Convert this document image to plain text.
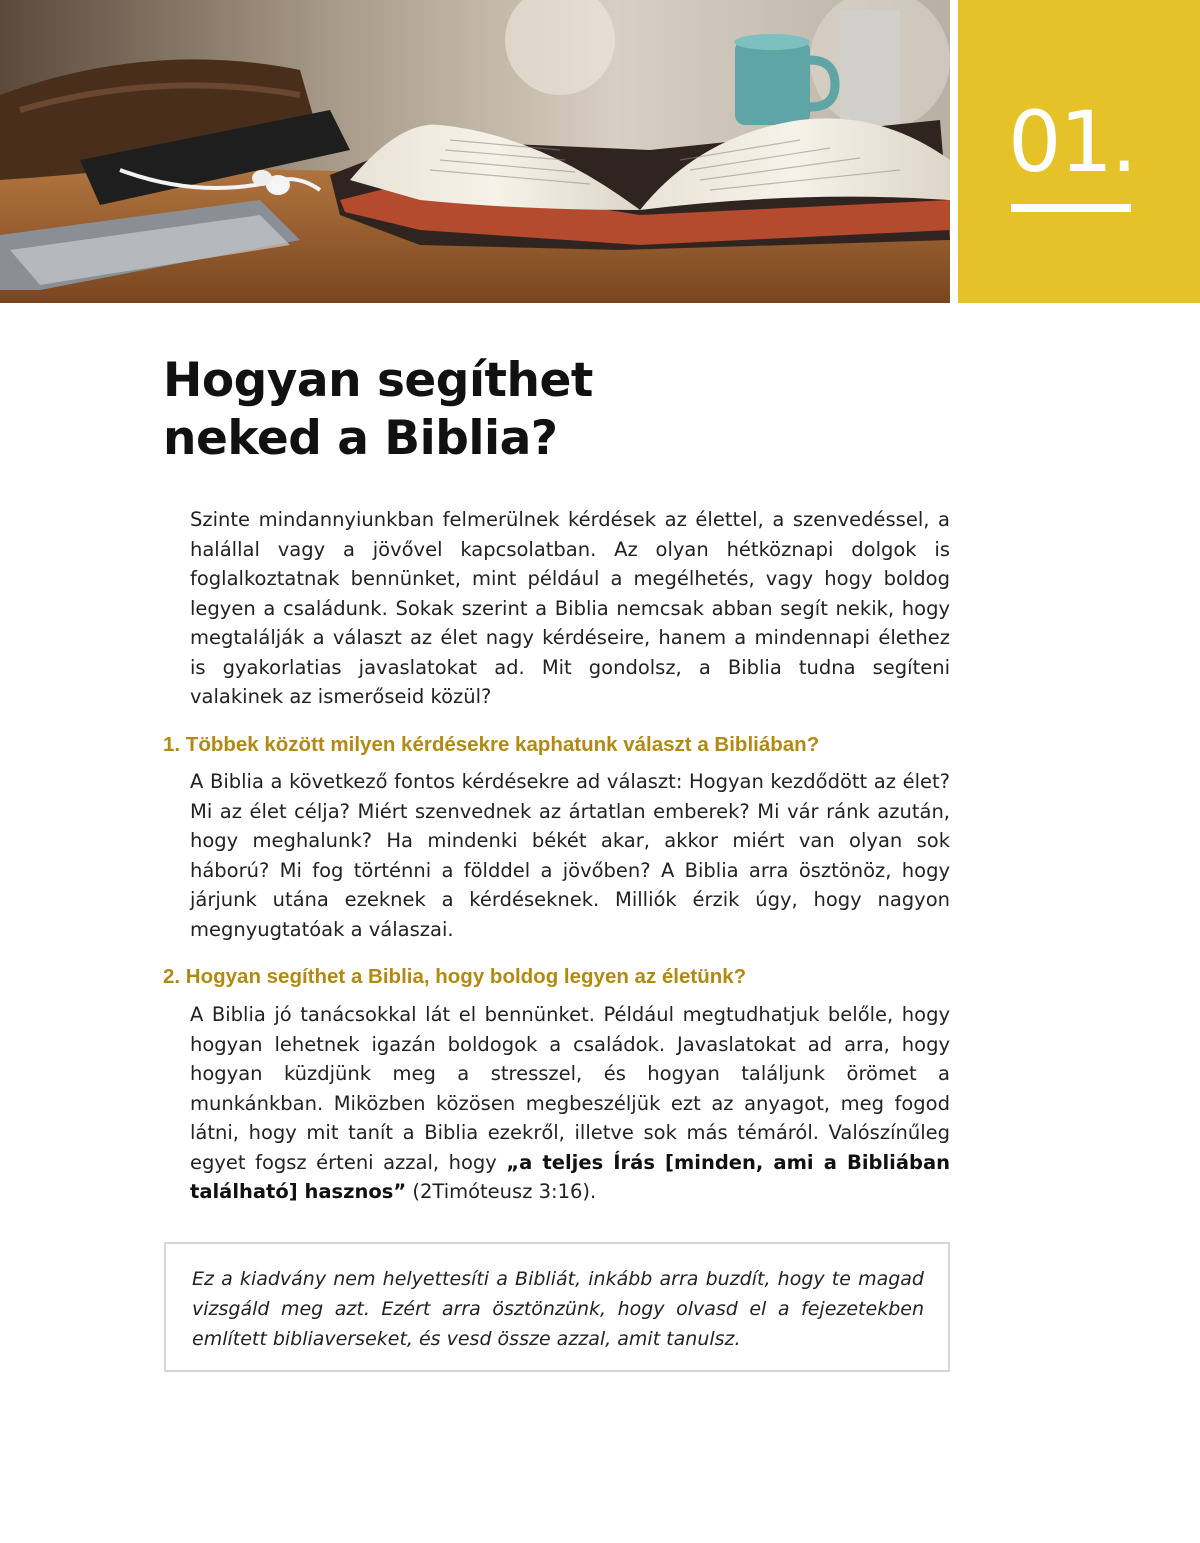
01.
Hogyan segíthet
neked a Biblia?

Szinte mindannyiunkban felmerülnek kérdések az élettel, a szenvedéssel, a halállal vagy a jövővel kapcsolatban. Az olyan hétköznapi dolgok is foglalkoztatnak bennünket, mint például a megélhetés, vagy hogy boldog legyen a családunk. Sokak szerint a Biblia nemcsak abban segít nekik, hogy megtalálják a választ az élet nagy kérdéseire, hanem a mindennapi élethez is gyakorlatias javaslatokat ad. Mit gondolsz, a Biblia tudna segíteni valakinek az ismerőseid közül?

1. Többek között milyen kérdésekre kaphatunk választ a Bibliában?

A Biblia a következő fontos kérdésekre ad választ: Hogyan kezdődött az élet? Mi az élet célja? Miért szenvednek az ártatlan emberek? Mi vár ránk azután, hogy meghalunk? Ha mindenki békét akar, akkor miért van olyan sok háború? Mi fog történni a földdel a jövőben? A Biblia arra ösztönöz, hogy járjunk utána ezeknek a kérdéseknek. Milliók érzik úgy, hogy nagyon megnyugtatóak a válaszai.

2. Hogyan segíthet a Biblia, hogy boldog legyen az életünk?

A Biblia jó tanácsokkal lát el bennünket. Például megtudhatjuk belőle, hogy hogyan lehetnek igazán boldogok a családok. Javaslatokat ad arra, hogy hogyan küzdjünk meg a stresszel, és hogyan találjunk örömet a munkánkban. Miközben közösen megbeszéljük ezt az anyagot, meg fogod látni, hogy mit tanít a Biblia ezekről, illetve sok más témáról. Valószínűleg egyet fogsz érteni azzal, hogy „a teljes Írás [minden, ami a Bibliában található] hasznos” (2Timóteusz 3:16).

Ez a kiadvány nem helyettesíti a Bibliát, inkább arra buzdít, hogy te magad vizsgáld meg azt. Ezért arra ösztönzünk, hogy olvasd el a fejezetekben említett bibliaverseket, és vesd össze azzal, amit tanulsz.
